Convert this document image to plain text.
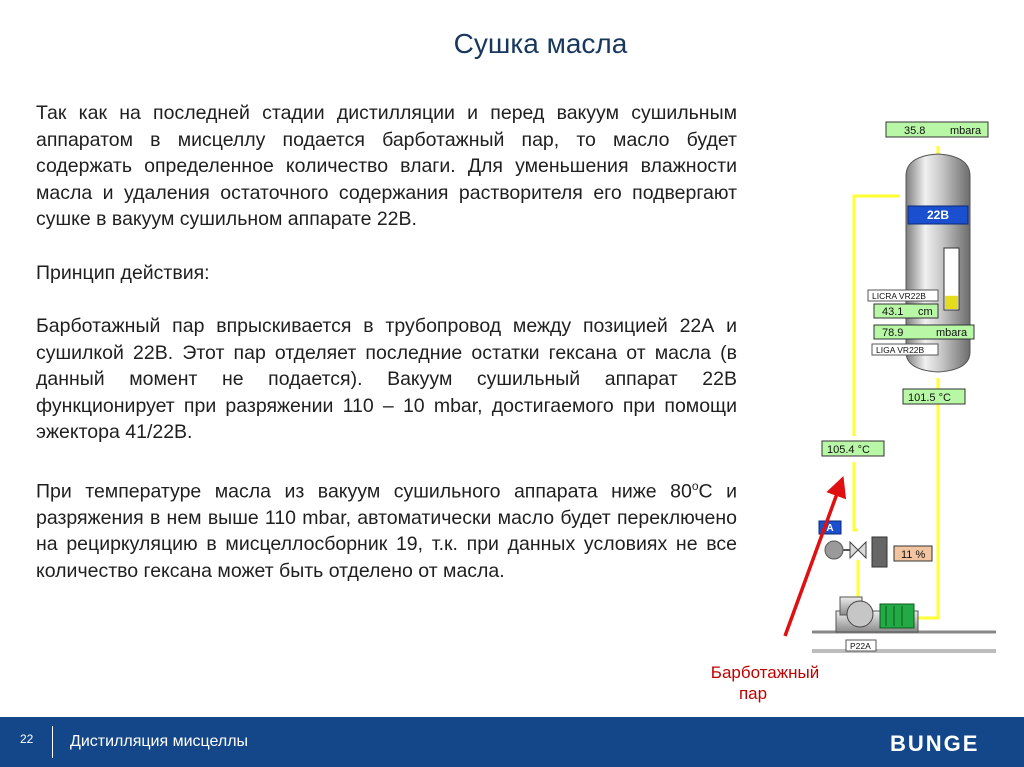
Сушка масла

Так как на последней стадии дистилляции и перед вакуум сушильным аппаратом в мисцеллу подается барботажный пар, то масло будет содержать определенное количество влаги. Для уменьшения влажности масла и удаления остаточного содержания растворителя его подвергают сушке в вакуум сушильном аппарате 22В.

Принцип действия:

Барботажный пар впрыскивается в трубопровод между позицией 22А и сушилкой 22В. Этот пар отделяет последние остатки гексана от масла (в данный момент не подается). Вакуум сушильный аппарат 22В функционирует при разряжении 110 – 10 mbar, достигаемого при помощи эжектора 41/22В.

При температуре масла из вакуум сушильного аппарата ниже $80^оС$ и разряжения в нем выше 110 mbar, автоматически масло будет переключено на рециркуляцию в мисцеллосборник 19, т.к. при данных условиях не все количество гексана может быть отделено от масла.

35.8 mbara
22B
LICRA VR22B
43.1 cm
78.9	mbara
LIGA VR22B
101.5 °C
105.4 °C
A
11 %
P22A
Барботажный
пар
22 Дистилляция мисцеллы	BUNGE
